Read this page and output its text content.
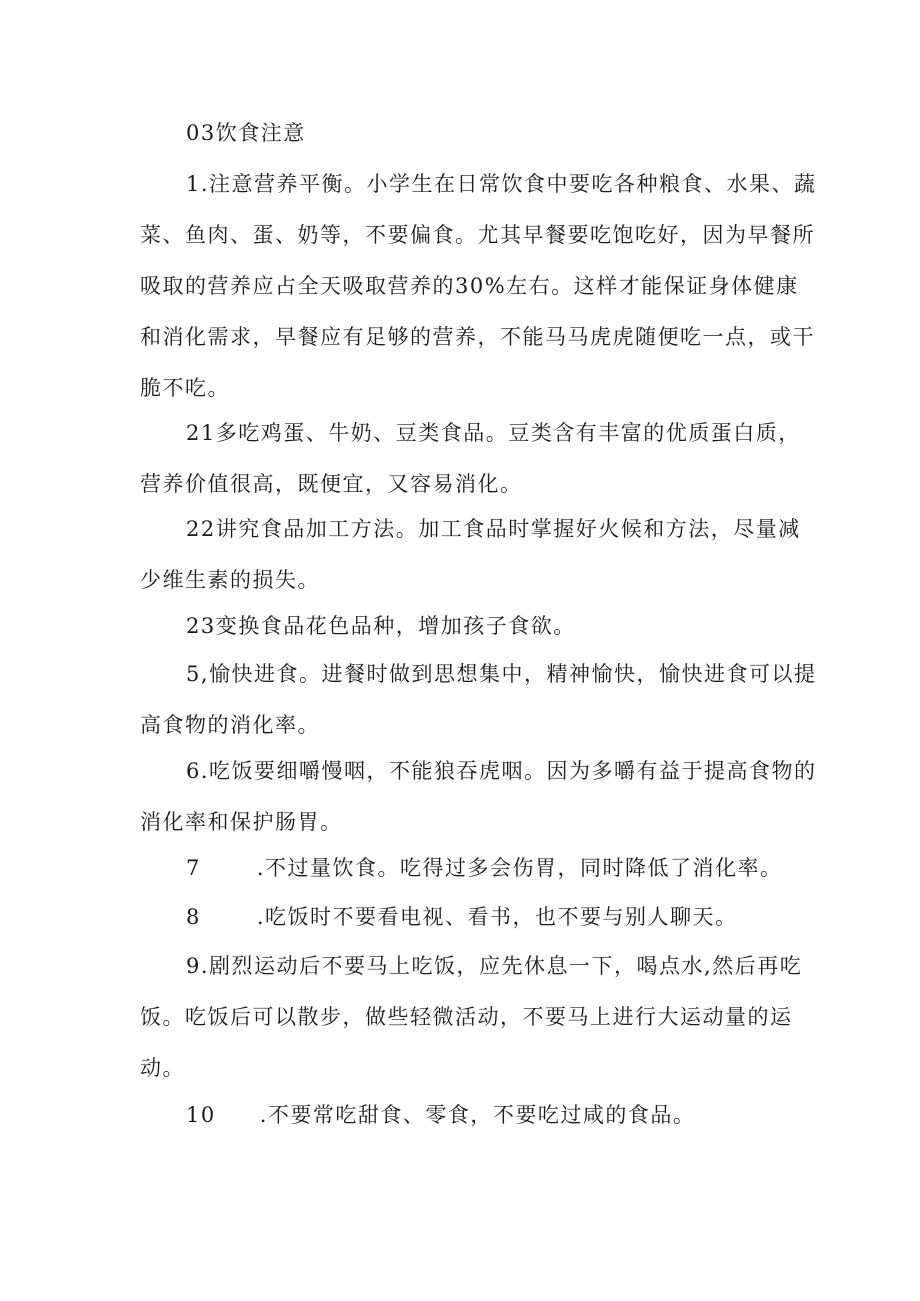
03饮食注意

1.注意营养平衡。小学生在日常饮食中要吃各种粮食、水果、蔬菜、鱼肉、蛋、奶等，不要偏食。尤其早餐要吃饱吃好，因为早餐所吸取的营养应占全天吸取营养的30%左右。这样才能保证身体健康和消化需求，早餐应有足够的营养，不能马马虎虎随便吃一点，或干脆不吃。

21多吃鸡蛋、牛奶、豆类食品。豆类含有丰富的优质蛋白质，营养价值很高，既便宜，又容易消化。

22讲究食品加工方法。加工食品时掌握好火候和方法，尽量减少维生素的损失。

23变换食品花色品种，增加孩子食欲。

5,愉快进食。进餐时做到思想集中，精神愉快，愉快进食可以提高食物的消化率。

6.吃饭要细嚼慢咽，不能狼吞虎咽。因为多嚼有益于提高食物的消化率和保护肠胃。

7	.不过量饮食。吃得过多会伤胃，同时降低了消化率。

8	.吃饭时不要看电视、看书，也不要与别人聊天。

9.剧烈运动后不要马上吃饭，应先休息一下，喝点水,然后再吃饭。吃饭后可以散步，做些轻微活动，不要马上进行大运动量的运动。

10 .不要常吃甜食、零食，不要吃过咸的食品。
